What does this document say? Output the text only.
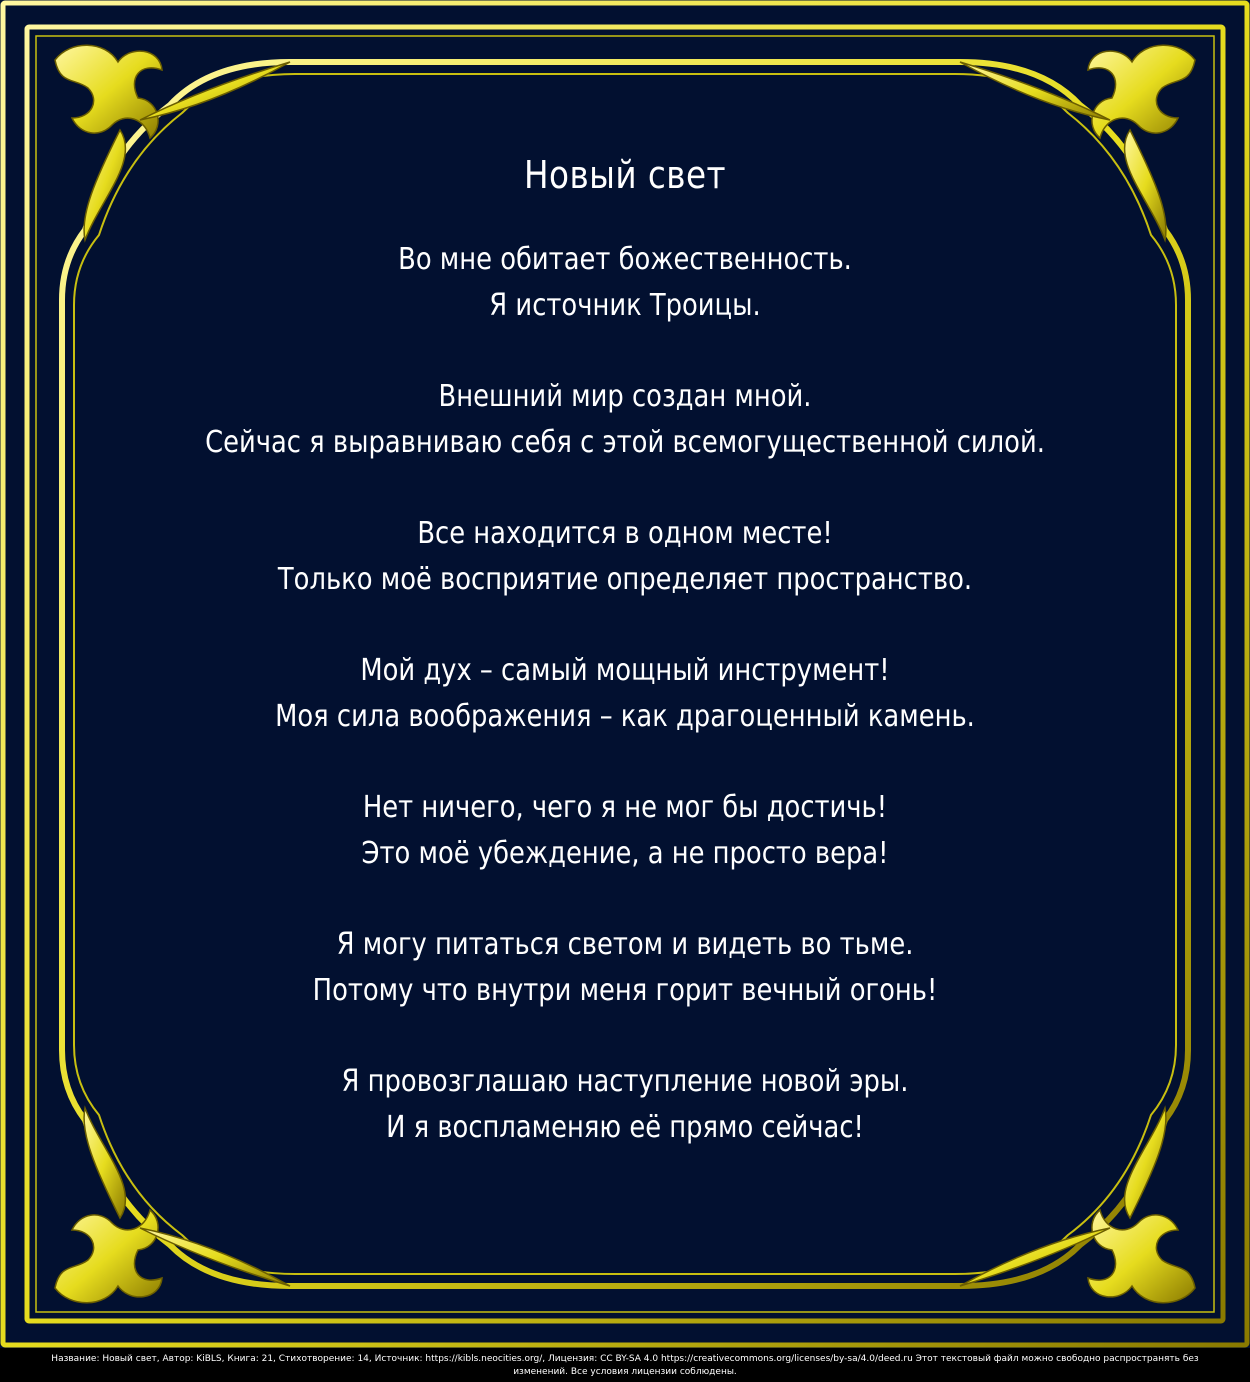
Новый свет
Во мне обитает божественность.
Я источник Троицы.
Внешний мир создан мной.
Сейчас я выравниваю себя с этой всемогущественной силой.
Все находится в одном месте!
Только моё восприятие определяет пространство.
Мой дух – самый мощный инструмент!
Моя сила воображения – как драгоценный камень.
Нет ничего, чего я не мог бы достичь!
Это моё убеждение, а не просто вера!
Я могу питаться светом и видеть во тьме.
Потому что внутри меня горит вечный огонь!
Я провозглашаю наступление новой эры.
И я воспламеняю её прямо сейчас!
Название: Новый свет, Автор: KiBLS, Книга: 21, Стихотворение: 14, Источник: https://kibls.neocities.org/, Лицензия: CC BY-SA 4.0 https://creativecommons.org/licenses/by-sa/4.0/deed.ru Этот текстовый файл можно свободно распространять без изменений. Все условия лицензии соблюдены.
